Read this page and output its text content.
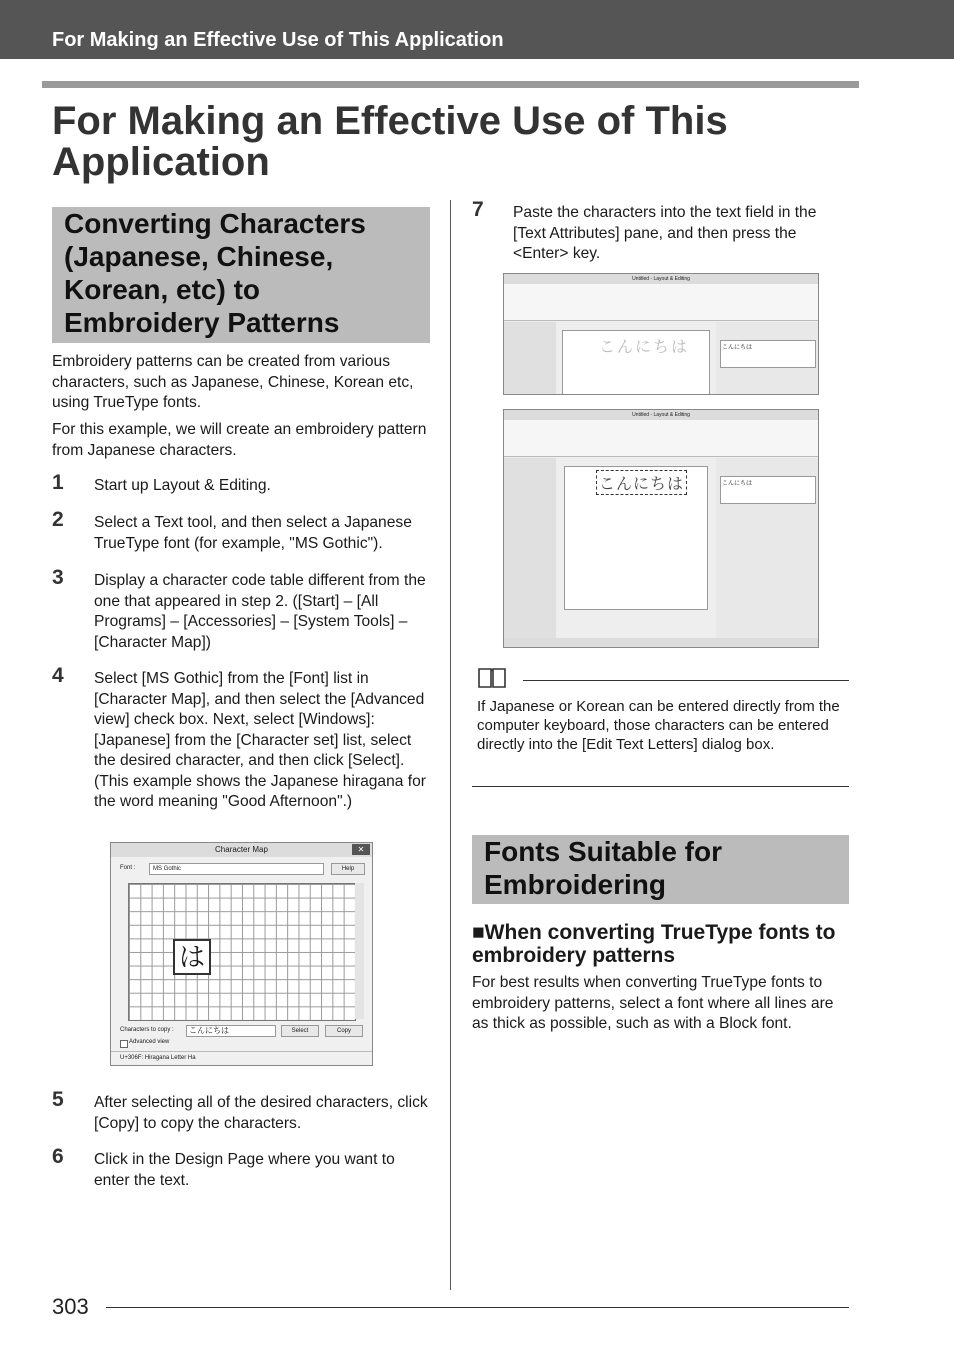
For Making an Effective Use of This Application
For Making an Effective Use of This Application
Converting Characters (Japanese, Chinese, Korean, etc) to Embroidery Patterns
Embroidery patterns can be created from various characters, such as Japanese, Chinese, Korean etc, using TrueType fonts.
For this example, we will create an embroidery pattern from Japanese characters.
1 Start up Layout & Editing.
2 Select a Text tool, and then select a Japanese TrueType font (for example, "MS Gothic").
3 Display a character code table different from the one that appeared in step 2. ([Start] – [All Programs] – [Accessories] – [System Tools] – [Character Map])
4 Select [MS Gothic] from the [Font] list in [Character Map], and then select the [Advanced view] check box. Next, select [Windows]: [Japanese] from the [Character set] list, select the desired character, and then click [Select]. (This example shows the Japanese hiragana for the word meaning "Good Afternoon".)
Character Map	✕
Font :	MS Gothic	Help
は
Characters to copy :	こんにちは	Select	Copy
Advanced view
U+306F: Hiragana Letter Ha
5 After selecting all of the desired characters, click [Copy] to copy the characters.
6 Click in the Design Page where you want to enter the text.
7 Paste the characters into the text field in the [Text Attributes] pane, and then press the <Enter> key.
Untitled - Layout & Editing
こんにちは	こんにちは
Untitled - Layout & Editing
こんにちは	こんにちは
If Japanese or Korean can be entered directly from the computer keyboard, those characters can be entered directly into the [Edit Text Letters] dialog box.
Fonts Suitable for Embroidering
■When converting TrueType fonts to embroidery patterns
For best results when converting TrueType fonts to embroidery patterns, select a font where all lines are as thick as possible, such as with a Block font.
303
